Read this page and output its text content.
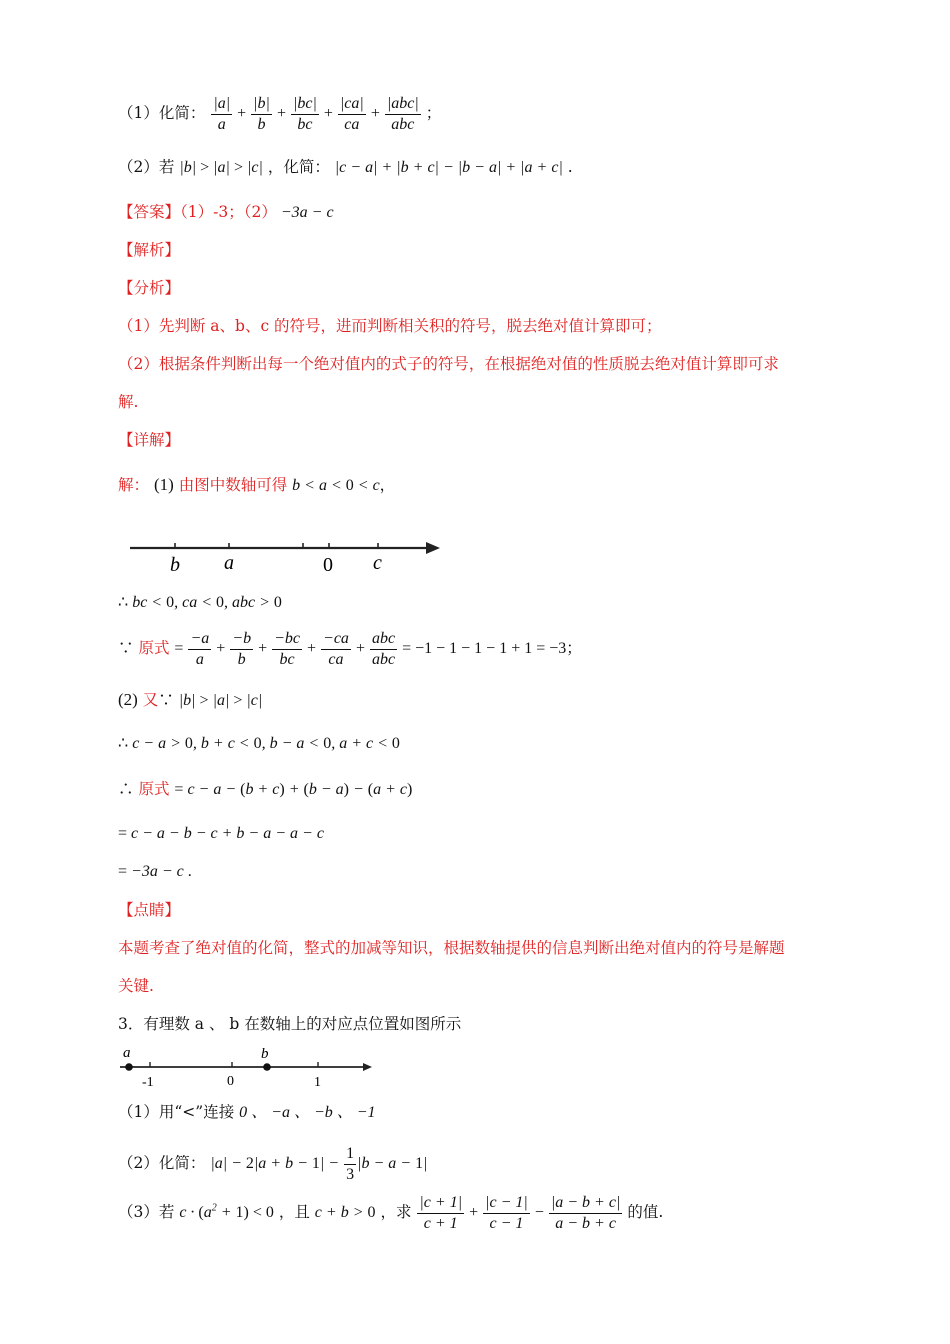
（1）化简： $\frac{|a|}{a} + \frac{|b|}{b} + \frac{|bc|}{bc} + \frac{|ca|}{ca} + \frac{\text{|abc|}}{\text{abc}}$ ；
（2）若 |b| > |a| > |c| ，化简： |c − a| + |b + c| − |b − a| + |a + c| .
【答案】（1）-3；（2） −3a − c
【解析】
【分析】
（1）先判断 a、b、c 的符号，进而判断相关积的符号，脱去绝对值计算即可；
（2）根据条件判断出每一个绝对值内的式子的符号，在根据绝对值的性质脱去绝对值计算即可求
解.
【详解】
解： (1) 由图中数轴可得 b < a < 0 < c，
b a	0 c
∴ bc < 0, ca < 0, abc > 0
∵ 原式 = $\frac{-a}{a} + \frac{-b}{b} + \frac{-bc}{bc} + \frac{-ca}{ca} + \frac{\text{abc}}{\text{abc}} = -1 - 1 - 1 - 1 + 1 = -3$；
(2) 又∵ |b| > |a| > |c|
∴ c − a > 0, b + c < 0, b − a < 0, a + c < 0
∴ 原式 = c − a − (b + c) + (b − a) − (a + c)
= c − a − b − c + b − a − a − c
= −3a − c .
【点睛】
本题考查了绝对值的化简，整式的加减等知识，根据数轴提供的信息判断出绝对值内的符号是解题
关键.
3．有理数 a 、 b 在数轴上的对应点位置如图所示
a	b
-1	0	1
（1）用“<”连接 0 、 −a 、 −b 、 −1
（2）化简： $|a| - 2|a + b - 1| - \frac{1}{3} |b - a - 1|$
（3）若 $c \cdot (a^2 + 1) < 0$ ，且 c + b > 0 ，求 $\frac{|c + 1|}{c + 1} + \frac{|c - 1|}{c - 1} - \frac{|a - b + c|}{a - b + c}$ 的值.
